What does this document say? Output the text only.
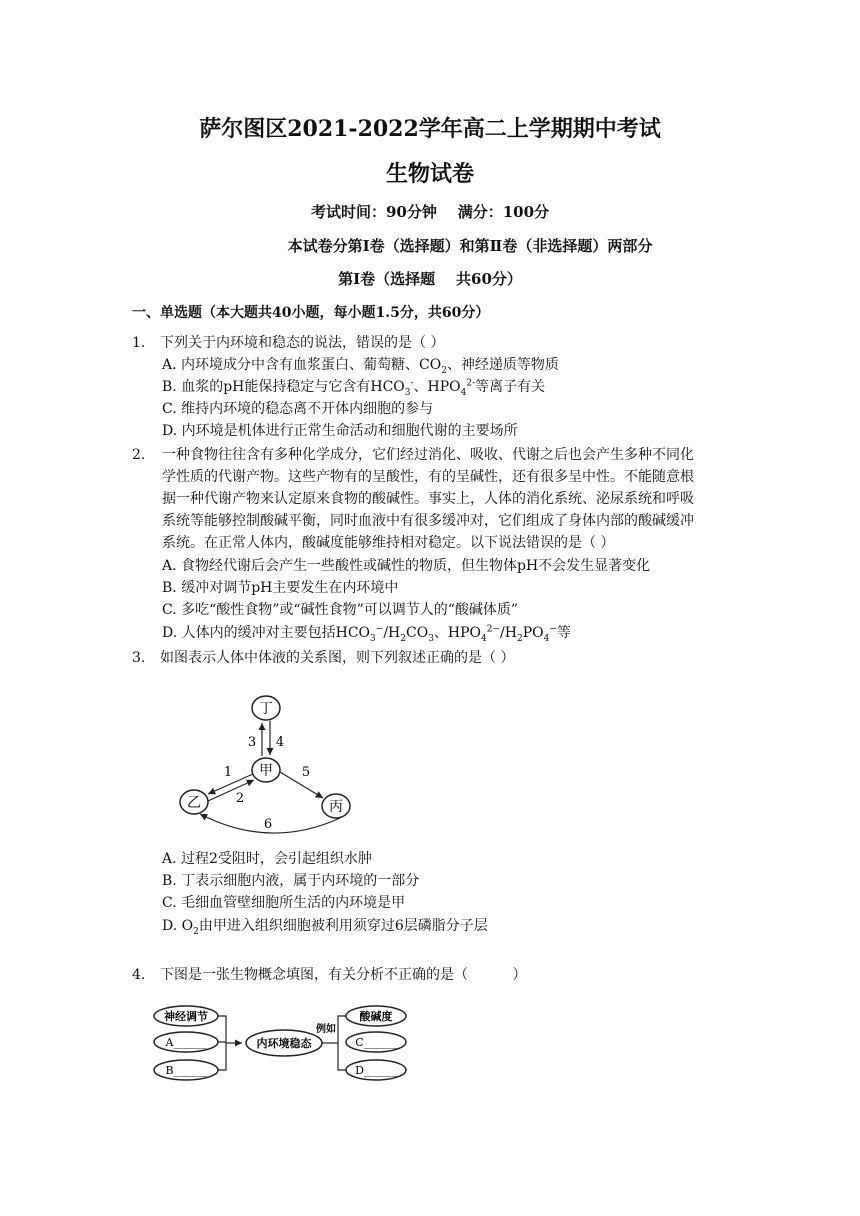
萨尔图区2021-2022学年高二上学期期中考试
生物试卷
考试时间：90分钟    满分：100分
本试卷分第Ⅰ卷（选择题）和第Ⅱ卷（非选择题）两部分
第Ⅰ卷（选择题    共60分）
一、单选题（本大题共40小题，每小题1.5分，共60分）
1.	下列关于内环境和稳态的说法，错误的是（ ）
A. 内环境成分中含有血浆蛋白、葡萄糖、$CO_2$、神经递质等物质
B. 血浆的pH能保持稳定与它含有$HCO_3^-$、$HPO_4^{2-}$等离子有关
C. 维持内环境的稳态离不开体内细胞的参与
D. 内环境是机体进行正常生命活动和细胞代谢的主要场所
2.	一种食物往往含有多种化学成分，它们经过消化、吸收、代谢之后也会产生多种不同化
学性质的代谢产物。这些产物有的呈酸性，有的呈碱性，还有很多呈中性。不能随意根
据一种代谢产物来认定原来食物的酸碱性。事实上，人体的消化系统、泌尿系统和呼吸
系统等能够控制酸碱平衡，同时血液中有很多缓冲对，它们组成了身体内部的酸碱缓冲
系统。在正常人体内，酸碱度能够维持相对稳定。以下说法错误的是（ ）
A. 食物经代谢后会产生一些酸性或碱性的物质，但生物体pH不会发生显著变化
B. 缓冲对调节pH主要发生在内环境中
C. 多吃“酸性食物”或“碱性食物”可以调节人的“酸碱体质”
D. 人体内的缓冲对主要包括$HCO_3^-/H_2CO_3$、$HPO_4^{2-}/H_2PO_4^-$等
3.	如图表示人体中体液的关系图，则下列叙述正确的是（ ）
丁
甲
乙	丙
3 4
1
2
5
6
A. 过程2受阻时，会引起组织水肿
B. 丁表示细胞内液，属于内环境的一部分
C. 毛细血管壁细胞所生活的内环境是甲
D. $O_2$由甲进入组织细胞被利用须穿过6层磷脂分子层
4.	下图是一张生物概念填图，有关分析不正确的是（          ）
神经调节
A______
B______
内环境稳态
例如
酸碱度
C______
D______
